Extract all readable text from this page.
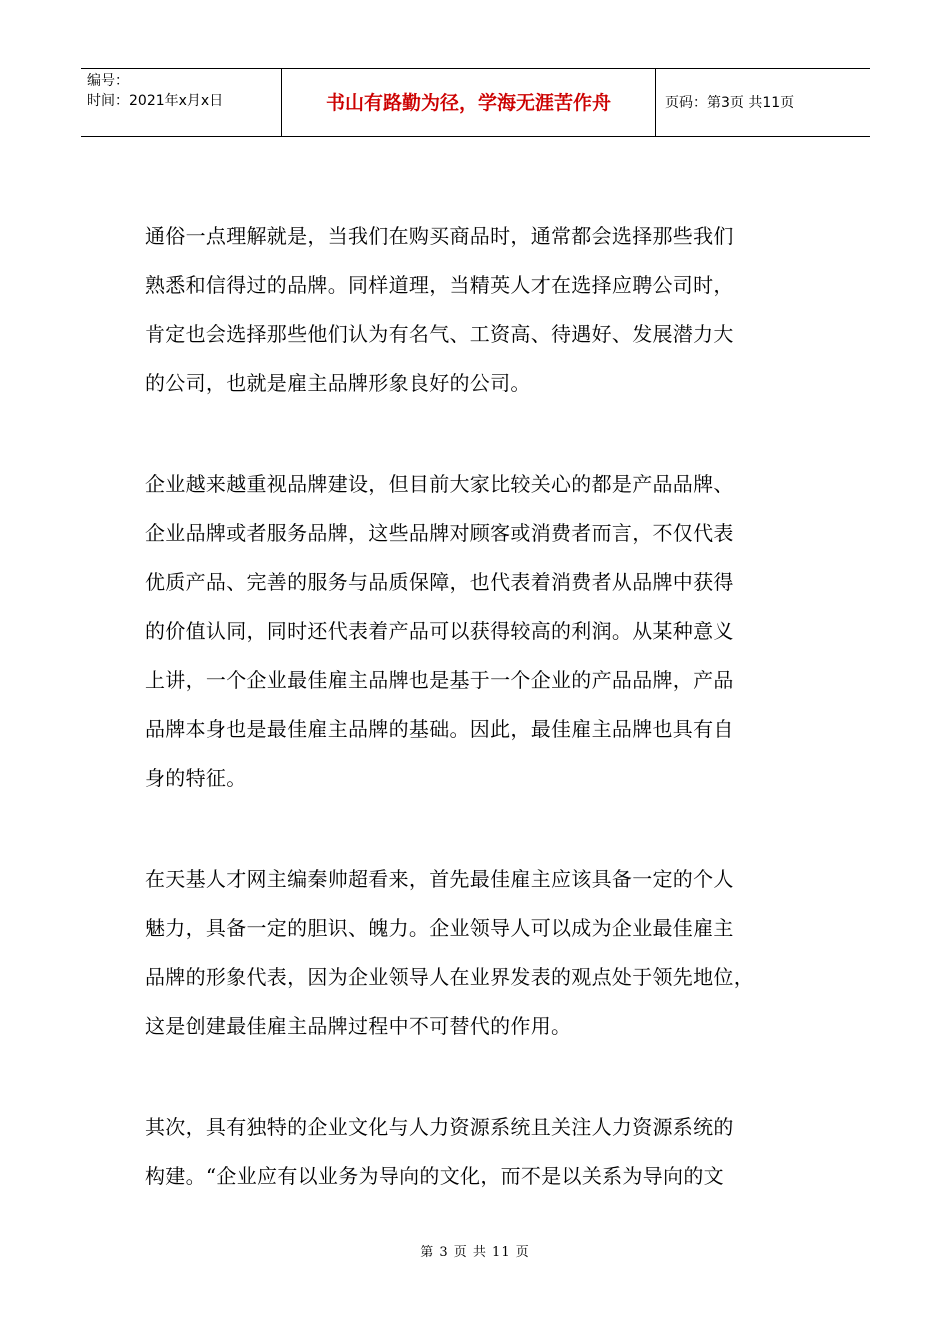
编号：
时间：2021年x月x日	书山有路勤为径，学海无涯苦作舟	页码：第3页 共11页

通俗一点理解就是，当我们在购买商品时，通常都会选择那些我们
熟悉和信得过的品牌。同样道理，当精英人才在选择应聘公司时，
肯定也会选择那些他们认为有名气、工资高、待遇好、发展潜力大
的公司，也就是雇主品牌形象良好的公司。

企业越来越重视品牌建设，但目前大家比较关心的都是产品品牌、
企业品牌或者服务品牌，这些品牌对顾客或消费者而言，不仅代表
优质产品、完善的服务与品质保障，也代表着消费者从品牌中获得
的价值认同，同时还代表着产品可以获得较高的利润。从某种意义
上讲，一个企业最佳雇主品牌也是基于一个企业的产品品牌，产品
品牌本身也是最佳雇主品牌的基础。因此，最佳雇主品牌也具有自
身的特征。

在天基人才网主编秦帅超看来，首先最佳雇主应该具备一定的个人
魅力，具备一定的胆识、魄力。企业领导人可以成为企业最佳雇主
品牌的形象代表，因为企业领导人在业界发表的观点处于领先地位，
这是创建最佳雇主品牌过程中不可替代的作用。

其次，具有独特的企业文化与人力资源系统且关注人力资源系统的
构建。“企业应有以业务为导向的文化，而不是以关系为导向的文

第 3 页 共 11 页
